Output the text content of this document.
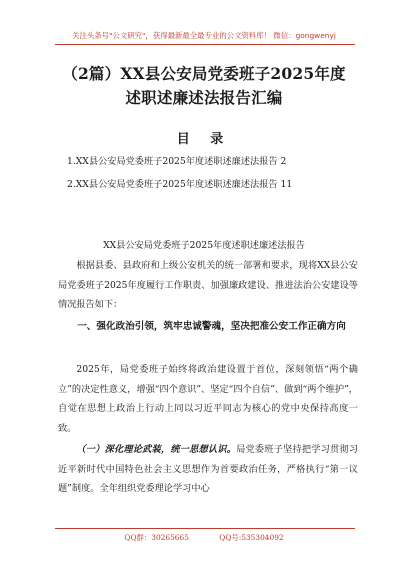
关注头条号"公文研究"，获得最新最全最专业的公文资料库！ 微信：gongwenyj
（2篇）XX县公安局党委班子2025年度
述职述廉述法报告汇编
目 录
1.XX县公安局党委班子2025年度述职述廉述法报告 2
2.XX县公安局党委班子2025年度述职述廉述法报告 11
XX县公安局党委班子2025年度述职述廉述法报告

根据县委、县政府和上级公安机关的统一部署和要求，现将XX县公安局党委班子2025年度履行工作职责、加强廉政建设、推进法治公安建设等情况报告如下：

一、强化政治引领，筑牢忠诚警魂，坚决把准公安工作正确方向

2025年，局党委班子始终将政治建设置于首位，深刻领悟“两个确立”的决定性意义，增强“四个意识”、坚定“四个自信”、做到“两个维护”，自觉在思想上政治上行动上同以习近平同志为核心的党中央保持高度一致。

（一）深化理论武装，统一思想认识。局党委班子坚持把学习贯彻习近平新时代中国特色社会主义思想作为首要政治任务，严格执行“第一议题”制度。全年组织党委理论学习中心

QQ群：30265665	QQ号:535304092
